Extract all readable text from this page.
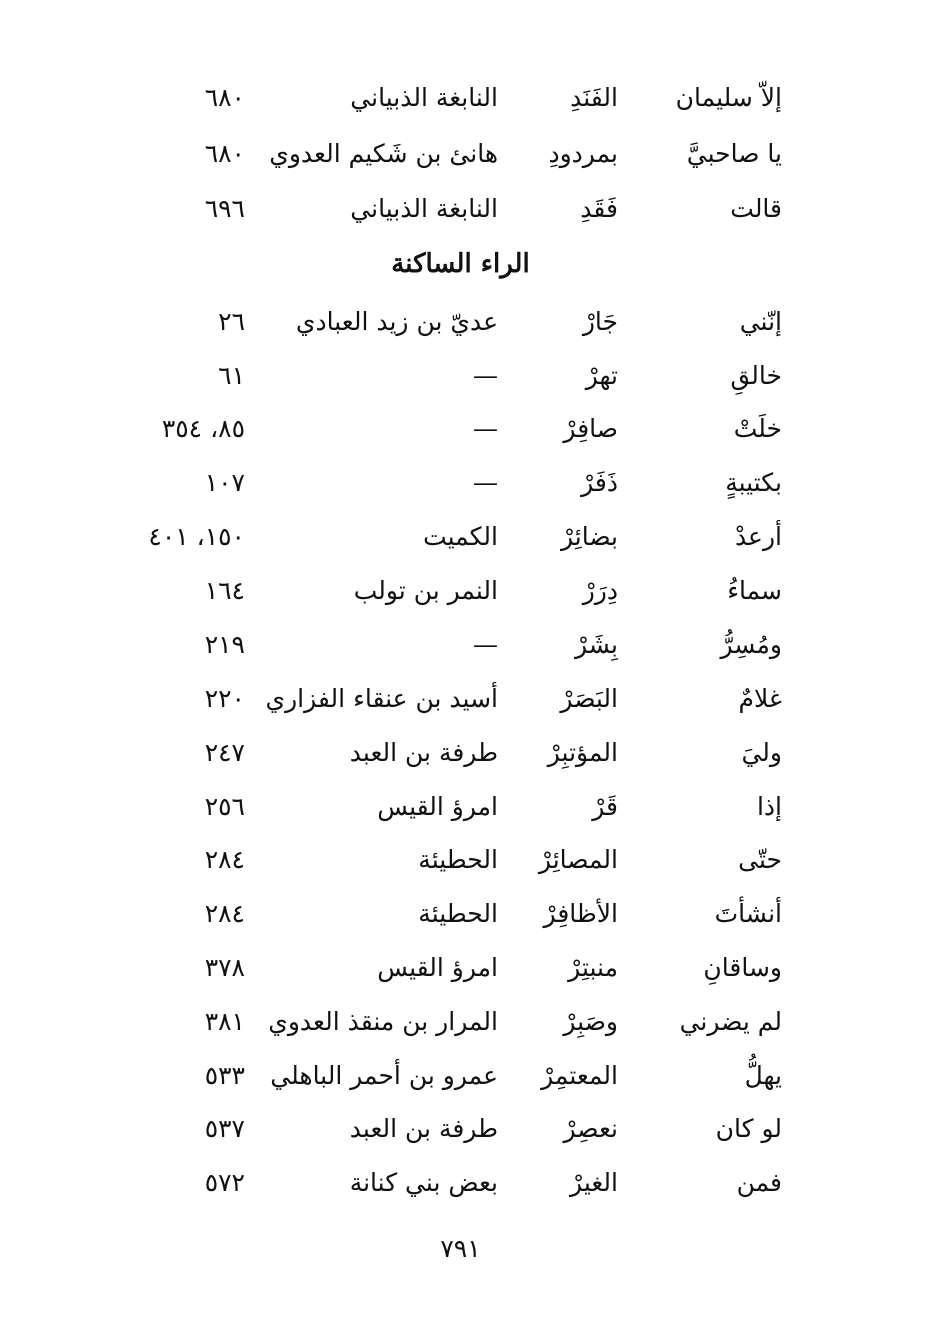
إلاّ سليمان
الفَنَدِ
النابغة الذبياني
٦٨٠
يا صاحبيَّ
بمردودِ
هانئ بن شَكيم العدوي
٦٨٠
قالت
فَقَدِ
النابغة الذبياني
٦٩٦
الراء الساكنة
إنّني
جَارْ
عديّ بن زيد العبادي
٢٦
خالقِ
تهرْ
—
٦١
خلَتْ
صافِرْ
—
٨٥، ٣٥٤
بكتيبةٍ
ذَفَرْ
—
١٠٧
أرعدْ
بضائِرْ
الكميت
١٥٠، ٤٠١
سماءُ
دِرَرْ
النمر بن تولب
١٦٤
ومُسِرُّ
بِشَرْ
—
٢١٩
غلامٌ
البَصَرْ
أسيد بن عنقاء الفزاري
٢٢٠
وليَ
المؤتبِرْ
طرفة بن العبد
٢٤٧
إذا
قَرْ
امرؤ القيس
٢٥٦
حتّى
المصائِرْ
الحطيئة
٢٨٤
أنشأتَ
الأظافِرْ
الحطيئة
٢٨٤
وساقانِ
منبتِرْ
امرؤ القيس
٣٧٨
لم يضرني
وصَبِرْ
المرار بن منقذ العدوي
٣٨١
يهلُّ
المعتمِرْ
عمرو بن أحمر الباهلي
٥٣٣
لو كان
نعصِرْ
طرفة بن العبد
٥٣٧
فمن
الغيرْ
بعض بني كنانة
٥٧٢
٧٩١
